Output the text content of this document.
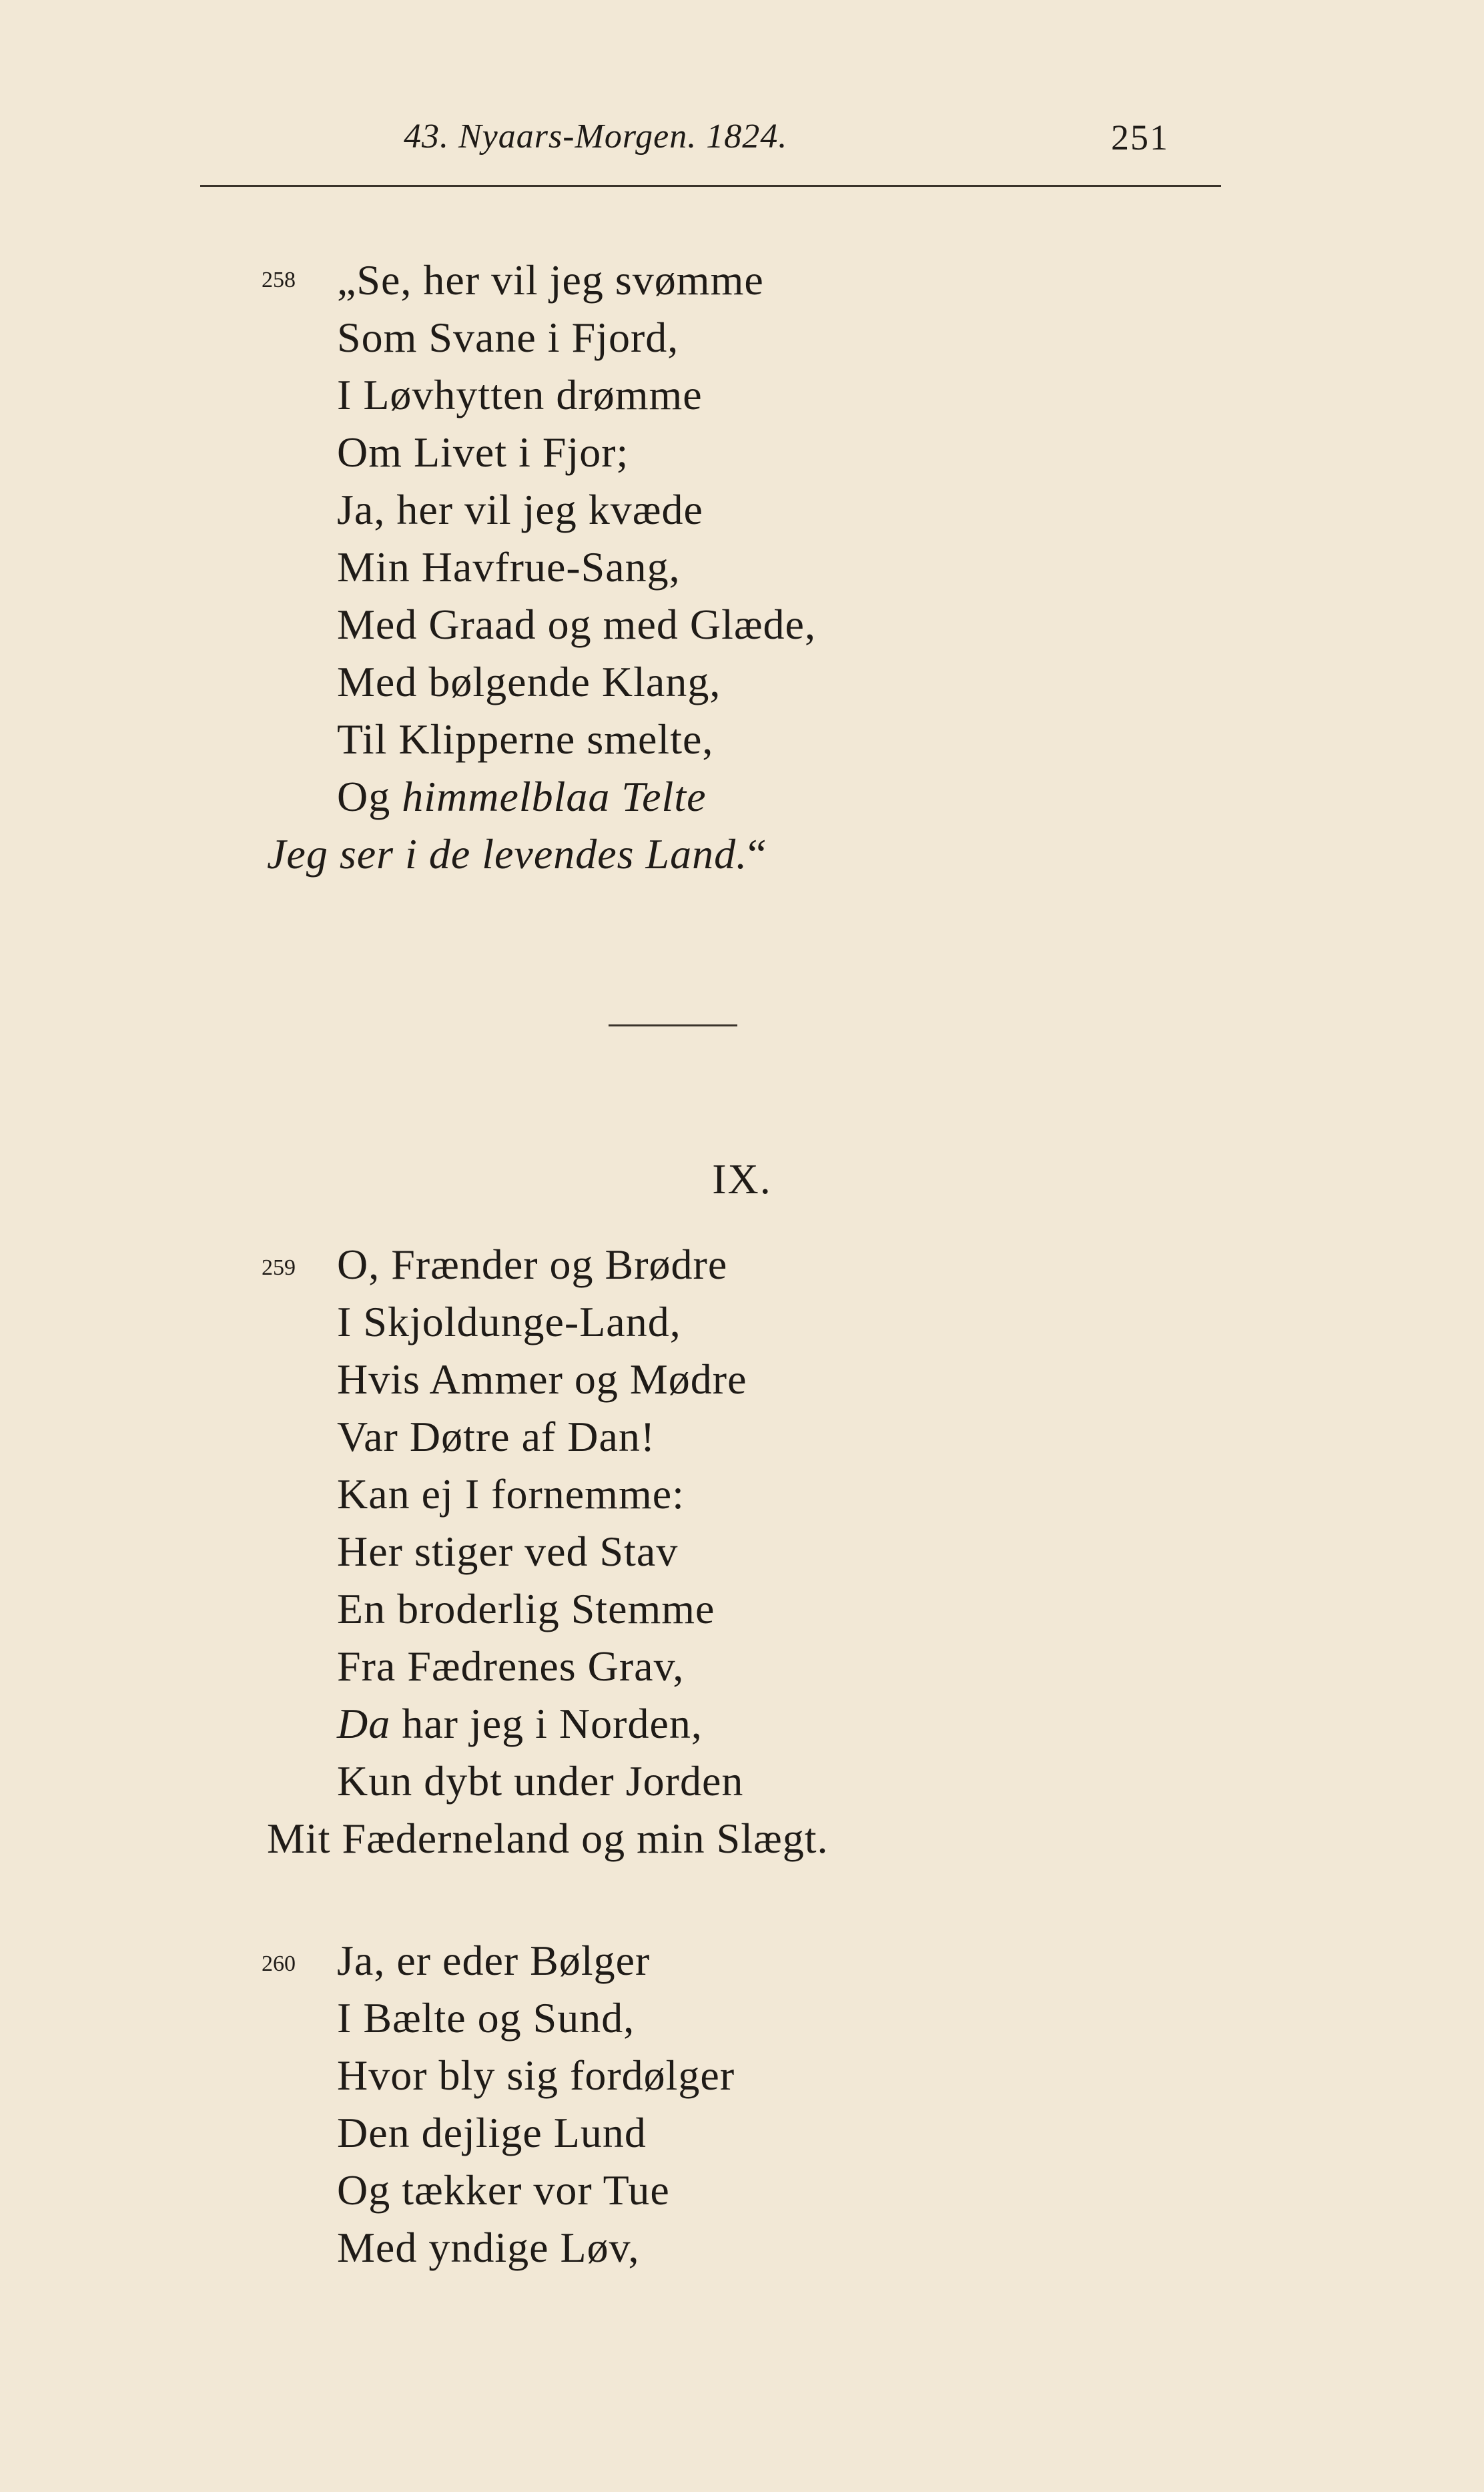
43. Nyaars-Morgen. 1824.	251
258 „Se, her vil jeg svømme
Som Svane i Fjord,
I Løvhytten drømme
Om Livet i Fjor;
Ja, her vil jeg kvæde
Min Havfrue-Sang,
Med Graad og med Glæde,
Med bølgende Klang,
Til Klipperne smelte,
Og himmelblaa Telte
Jeg ser i de levendes Land.“
IX.
259 O, Frænder og Brødre
I Skjoldunge-Land,
Hvis Ammer og Mødre
Var Døtre af Dan!
Kan ej I fornemme:
Her stiger ved Stav
En broderlig Stemme
Fra Fædrenes Grav,
Da har jeg i Norden,
Kun dybt under Jorden
Mit Fæderneland og min Slægt.
260 Ja, er eder Bølger
I Bælte og Sund,
Hvor bly sig fordølger
Den dejlige Lund
Og tækker vor Tue
Med yndige Løv,
